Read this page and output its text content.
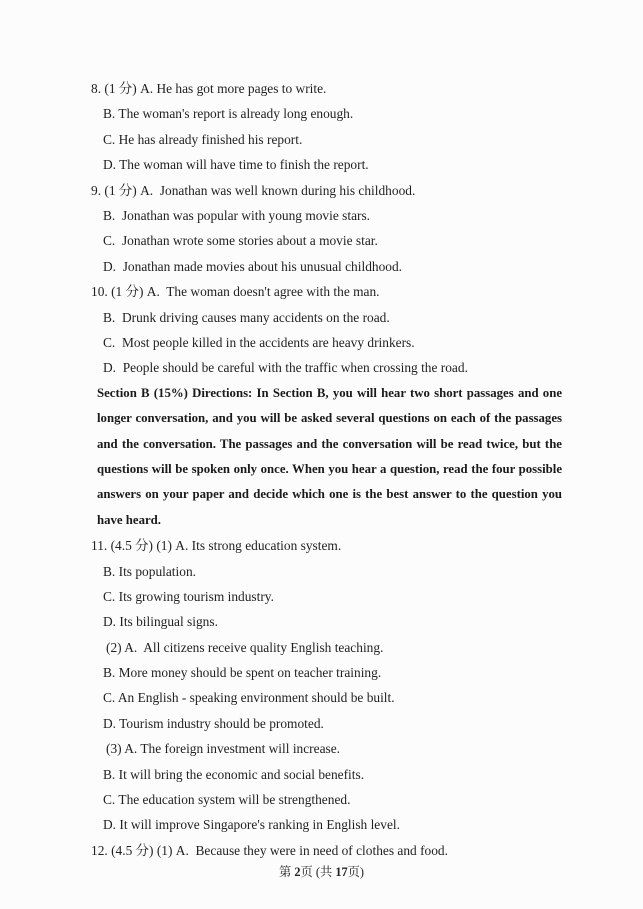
8. (1 分) A. He has got more pages to write.
B. The woman's report is already long enough.
C. He has already finished his report.
D. The woman will have time to finish the report.
9. (1 分) A.  Jonathan was well known during his childhood.
B.  Jonathan was popular with young movie stars.
C.  Jonathan wrote some stories about a movie star.
D.  Jonathan made movies about his unusual childhood.
10. (1 分) A.  The woman doesn't agree with the man.
B.  Drunk driving causes many accidents on the road.
C.  Most people killed in the accidents are heavy drinkers.
D.  People should be careful with the traffic when crossing the road.
Section B (15%) Directions: In Section B, you will hear two short passages and one longer conversation, and you will be asked several questions on each of the passages and the conversation. The passages and the conversation will be read twice, but the questions will be spoken only once. When you hear a question, read the four possible answers on your paper and decide which one is the best answer to the question you have heard.
11. (4.5 分) (1) A. Its strong education system.
B. Its population.
C. Its growing tourism industry.
D. Its bilingual signs.
(2) A.  All citizens receive quality English teaching.
B. More money should be spent on teacher training.
C. An English - speaking environment should be built.
D. Tourism industry should be promoted.
(3) A. The foreign investment will increase.
B. It will bring the economic and social benefits.
C. The education system will be strengthened.
D. It will improve Singapore's ranking in English level.
12. (4.5 分) (1) A.  Because they were in need of clothes and food.
第 2页 (共 17页)
